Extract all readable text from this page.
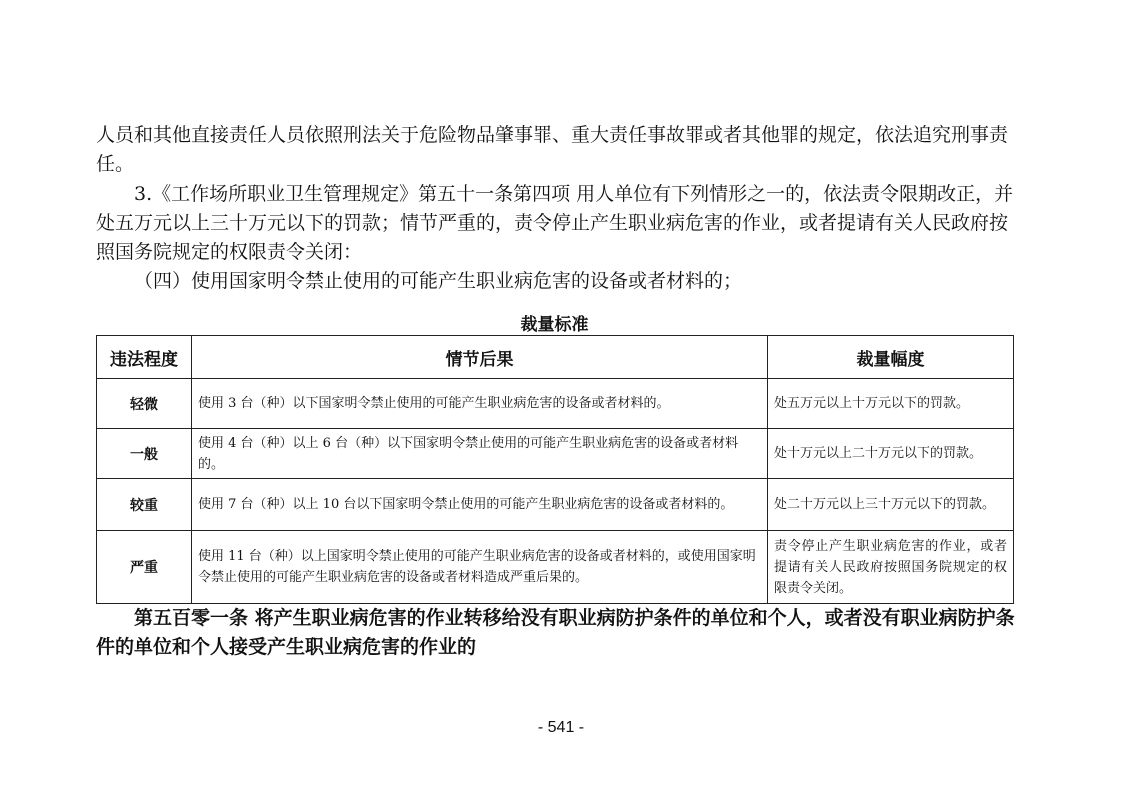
人员和其他直接责任人员依照刑法关于危险物品肇事罪、重大责任事故罪或者其他罪的规定，依法追究刑事责任。

3.《工作场所职业卫生管理规定》第五十一条第四项 用人单位有下列情形之一的，依法责令限期改正，并处五万元以上三十万元以下的罚款；情节严重的，责令停止产生职业病危害的作业，或者提请有关人民政府按照国务院规定的权限责令关闭：

（四）使用国家明令禁止使用的可能产生职业病危害的设备或者材料的；

裁量标准
违法程度	情节后果	裁量幅度
轻微	使用 3 台（种）以下国家明令禁止使用的可能产生职业病危害的设备或者材料的。	处五万元以上十万元以下的罚款。
一般	使用 4 台（种）以上 6 台（种）以下国家明令禁止使用的可能产生职业病危害的设备或者材料的。	处十万元以上二十万元以下的罚款。
较重	使用 7 台（种）以上 10 台以下国家明令禁止使用的可能产生职业病危害的设备或者材料的。	处二十万元以上三十万元以下的罚款。
严重	使用 11 台（种）以上国家明令禁止使用的可能产生职业病危害的设备或者材料的，或使用国家明令禁止使用的可能产生职业病危害的设备或者材料造成严重后果的。	责令停止产生职业病危害的作业，或者提请有关人民政府按照国务院规定的权限责令关闭。

第五百零一条 将产生职业病危害的作业转移给没有职业病防护条件的单位和个人，或者没有职业病防护条件的单位和个人接受产生职业病危害的作业的

- 541 -
